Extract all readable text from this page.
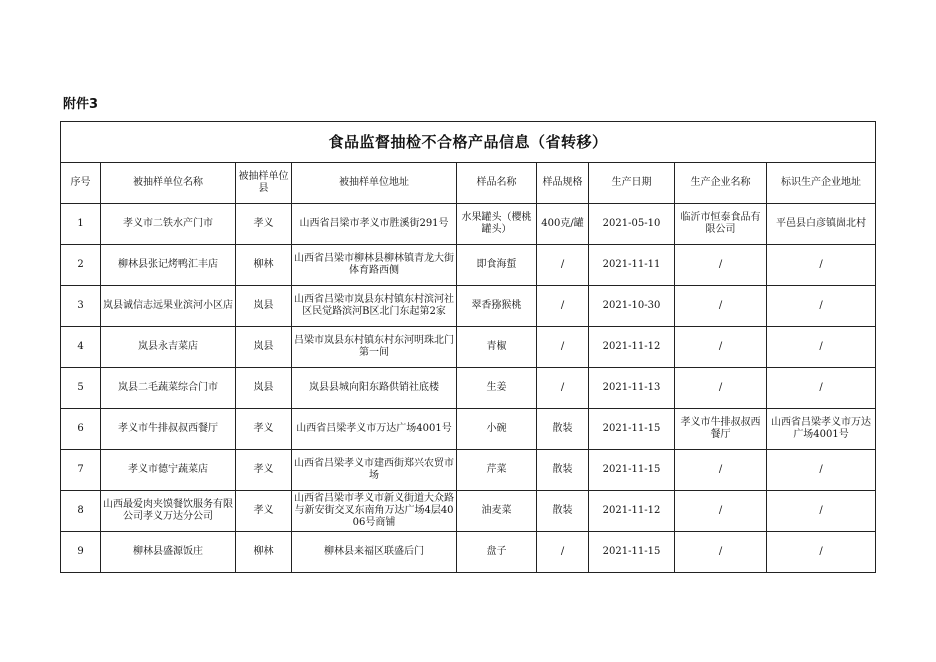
附件3
食品监督抽检不合格产品信息（省转移）								
序号	被抽样单位名称	被抽样单位县	被抽样单位地址	样品名称	样品规格	生产日期	生产企业名称	标识生产企业地址
1	孝义市二铁水产门市	孝义	山西省吕梁市孝义市胜溪街291号	水果罐头（樱桃罐头）	400克/罐	2021-05-10	临沂市恒泰食品有限公司	平邑县白彦镇崮北村
2	柳林县张记烤鸭汇丰店	柳林	山西省吕梁市柳林县柳林镇青龙大街体育路西侧	即食海蜇	/	2021-11-11	/	/
3	岚县诚信志远果业滨河小区店	岚县	山西省吕梁市岚县东村镇东村滨河社区民觉路滨河B区北门东起第2家	翠香猕猴桃	/	2021-10-30	/	/
4	岚县永吉菜店	岚县	吕梁市岚县东村镇东村东河明珠北门第一间	青椒	/	2021-11-12	/	/
5	岚县二毛蔬菜综合门市	岚县	岚县县城向阳东路供销社底楼	生姜	/	2021-11-13	/	/
6	孝义市牛排叔叔西餐厅	孝义	山西省吕梁孝义市万达广场4001号	小碗	散装	2021-11-15	孝义市牛排叔叔西餐厅	山西省吕梁孝义市万达广场4001号
7	孝义市德宁蔬菜店	孝义	山西省吕梁孝义市建西街郑兴农贸市场	芹菜	散装	2021-11-15	/	/
8	山西最爱肉夹馍餐饮服务有限公司孝义万达分公司	孝义	山西省吕梁市孝义市新义街道大众路与新安街交叉东南角万达广场4层4006号商铺	油麦菜	散装	2021-11-12	/	/
9	柳林县盛源饭庄	柳林	柳林县来福区联盛后门	盘子	/	2021-11-15	/	/
